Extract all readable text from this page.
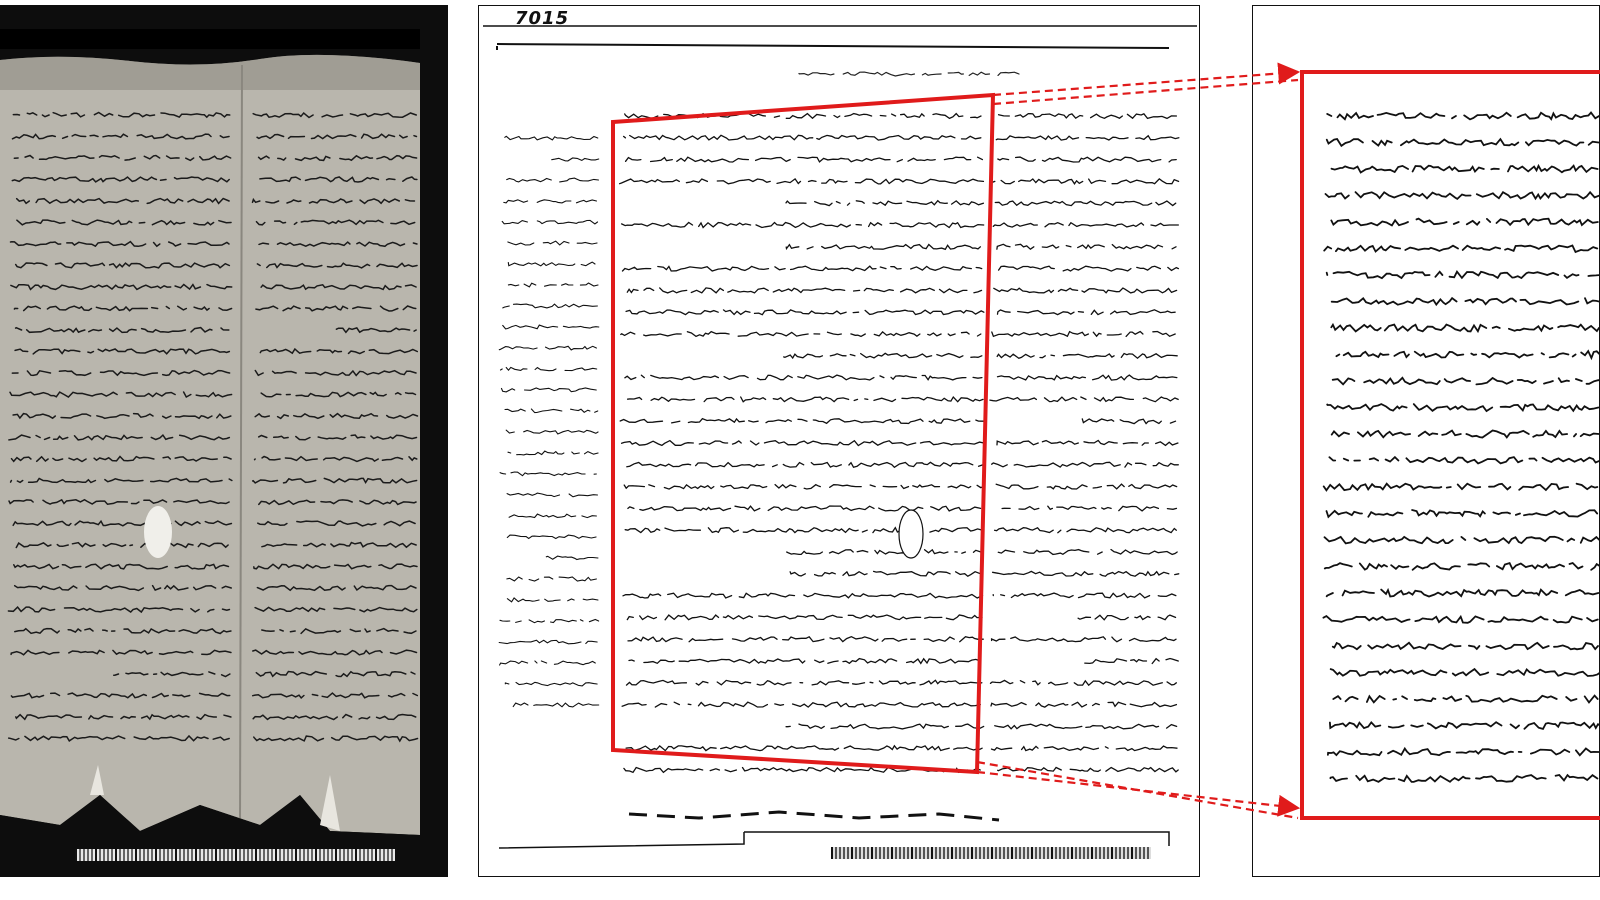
7015
